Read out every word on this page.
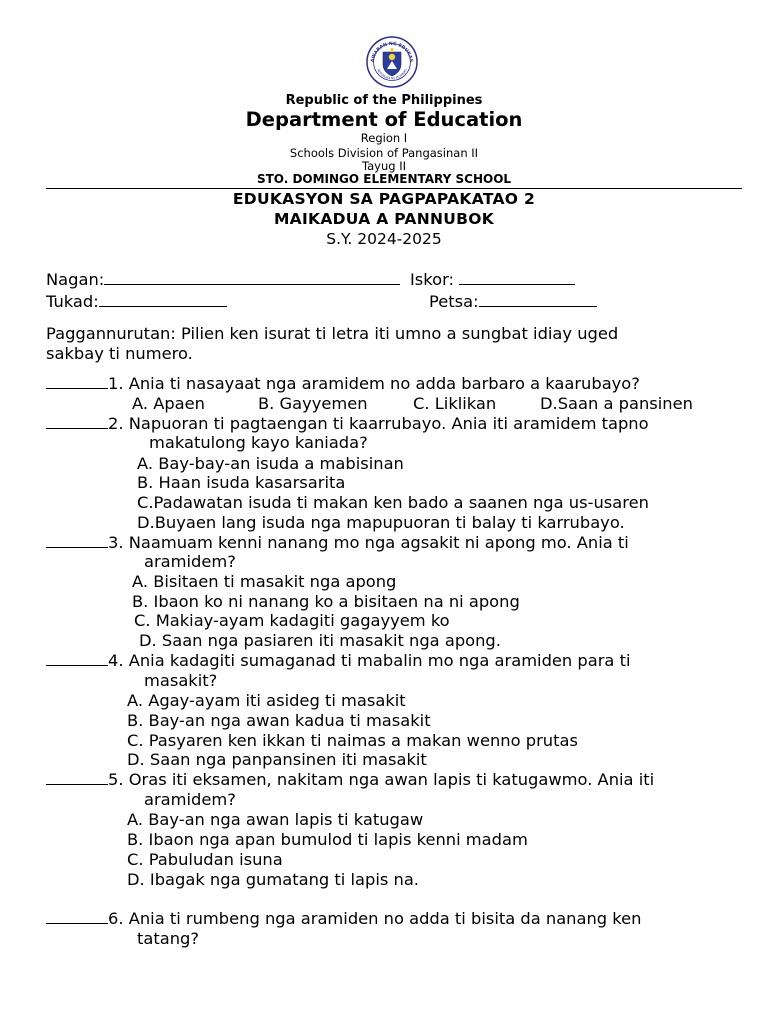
AWARAN NG EDUKAS
REPUBLIKA NG PILIPINAS
Republic of the Philippines
Department of Education
Region I
Schools Division of Pangasinan II
Tayug II
STO. DOMINGO ELEMENTARY SCHOOL
EDUKASYON SA PAGPAPAKATAO 2
MAIKADUA A PANNUBOK
S.Y. 2024-2025
Nagan:	Iskor:
Tukad:	Petsa:
Paggannurutan: Pilien ken isurat ti letra iti umno a sungbat idiay uged
sakbay ti numero.
1. Ania ti nasayaat nga aramidem no adda barbaro a kaarubayo?
A. Apaen	B. Gayyemen	C. Liklikan	D.Saan a pansinen
2. Napuoran ti pagtaengan ti kaarrubayo. Ania iti aramidem tapno
makatulong kayo kaniada?
A. Bay-bay-an isuda a mabisinan
B. Haan isuda kasarsarita
C.Padawatan isuda ti makan ken bado a saanen nga us-usaren
D.Buyaen lang isuda nga mapupuoran ti balay ti karrubayo.
3. Naamuam kenni nanang mo nga agsakit ni apong mo. Ania ti
aramidem?
A. Bisitaen ti masakit nga apong
B. Ibaon ko ni nanang ko a bisitaen na ni apong
C. Makiay-ayam kadagiti gagayyem ko
D. Saan nga pasiaren iti masakit nga apong.
4. Ania kadagiti sumaganad ti mabalin mo nga aramiden para ti
masakit?
A. Agay-ayam iti asideg ti masakit
B. Bay-an nga awan kadua ti masakit
C. Pasyaren ken ikkan ti naimas a makan wenno prutas
D. Saan nga panpansinen iti masakit
5. Oras iti eksamen, nakitam nga awan lapis ti katugawmo. Ania iti
aramidem?
A. Bay-an nga awan lapis ti katugaw
B. Ibaon nga apan bumulod ti lapis kenni madam
C. Pabuludan isuna
D. Ibagak nga gumatang ti lapis na.
6. Ania ti rumbeng nga aramiden no adda ti bisita da nanang ken
tatang?
